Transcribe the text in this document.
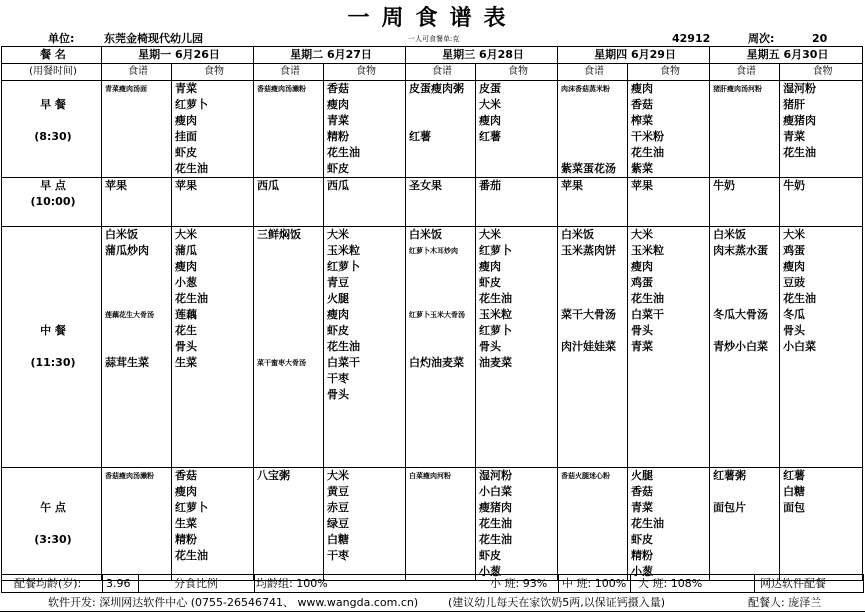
一周食谱表
单位:	东莞金椅现代幼儿园	一人可食餐单:克	42912	周次:	20
餐 名	星期一 6月26日		星期二 6月27日		星期三 6月28日		星期四 6月29日		星期五 6月30日	
(用餐时间)	食谱	食物	食谱	食物	食谱	食物	食谱	食物	食谱	食物
	青菜瘦肉汤面	青菜	香菇瘦肉汤濑粉	香菇	皮蛋瘦肉粥	皮蛋	肉沫香菇蒸米粉	瘦肉	猪肝瘦肉汤河粉	湿河粉
早 餐		红萝卜		瘦肉		大米		香菇		猪肝
		瘦肉		青菜		瘦肉		榨菜		瘦猪肉
(8:30)		挂面		精粉	红薯	红薯		干米粉		青菜
		虾皮		花生油				花生油		花生油
		花生油		虾皮			紫菜蛋花汤	紫菜		
早 点	苹果	苹果	西瓜	西瓜	圣女果	番茄	苹果	苹果	牛奶	牛奶
(10:00)										

	白米饭	大米	三鲜焖饭	大米	白米饭	大米	白米饭	大米	白米饭	大米
	蒲瓜炒肉	蒲瓜		玉米粒	红萝卜木耳炒肉	红萝卜	玉米蒸肉饼	玉米粒	肉末蒸水蛋	鸡蛋
		瘦肉		红萝卜		瘦肉		瘦肉		瘦肉
		小葱		青豆		虾皮		鸡蛋		豆豉
		花生油		火腿		花生油		花生油		花生油
	莲藕花生大骨汤	莲藕		瘦肉	红萝卜玉米大骨汤	玉米粒	菜干大骨汤	白菜干	冬瓜大骨汤	冬瓜
中 餐		花生		虾皮		红萝卜		骨头		骨头
		骨头		花生油		骨头	肉汁娃娃菜	青菜	青炒小白菜	小白菜
(11:30)	蒜茸生菜	生菜	菜干蜜枣大骨汤	白菜干	白灼油麦菜	油麦菜				
				干枣						
				骨头						

	香菇瘦肉汤濑粉	香菇	八宝粥	大米	白菜瘦肉河粉	湿河粉	香菇火腿迷心粉	火腿	红薯粥	红薯
		瘦肉		黄豆		小白菜		香菇		白糖
午 点		红萝卜		赤豆		瘦猪肉		青菜	面包片	面包
		生菜		绿豆		花生油		花生油		
(3:30)		精粉		白糖		花生油		虾皮		
		花生油		干枣		虾皮		精粉		
						小葱		小葱		
配餐均龄(岁): 3.96	分食比例	均龄组: 100%	小 班: 93% 中 班: 100% 大 班: 108%	网达软件配餐
软件开发: 深圳网达软件中心 (0755-26546741、 www.wangda.com.cn)	(建议幼儿每天在家饮奶5两,以保证钙摄入量)	配餐人: 庞泽兰
